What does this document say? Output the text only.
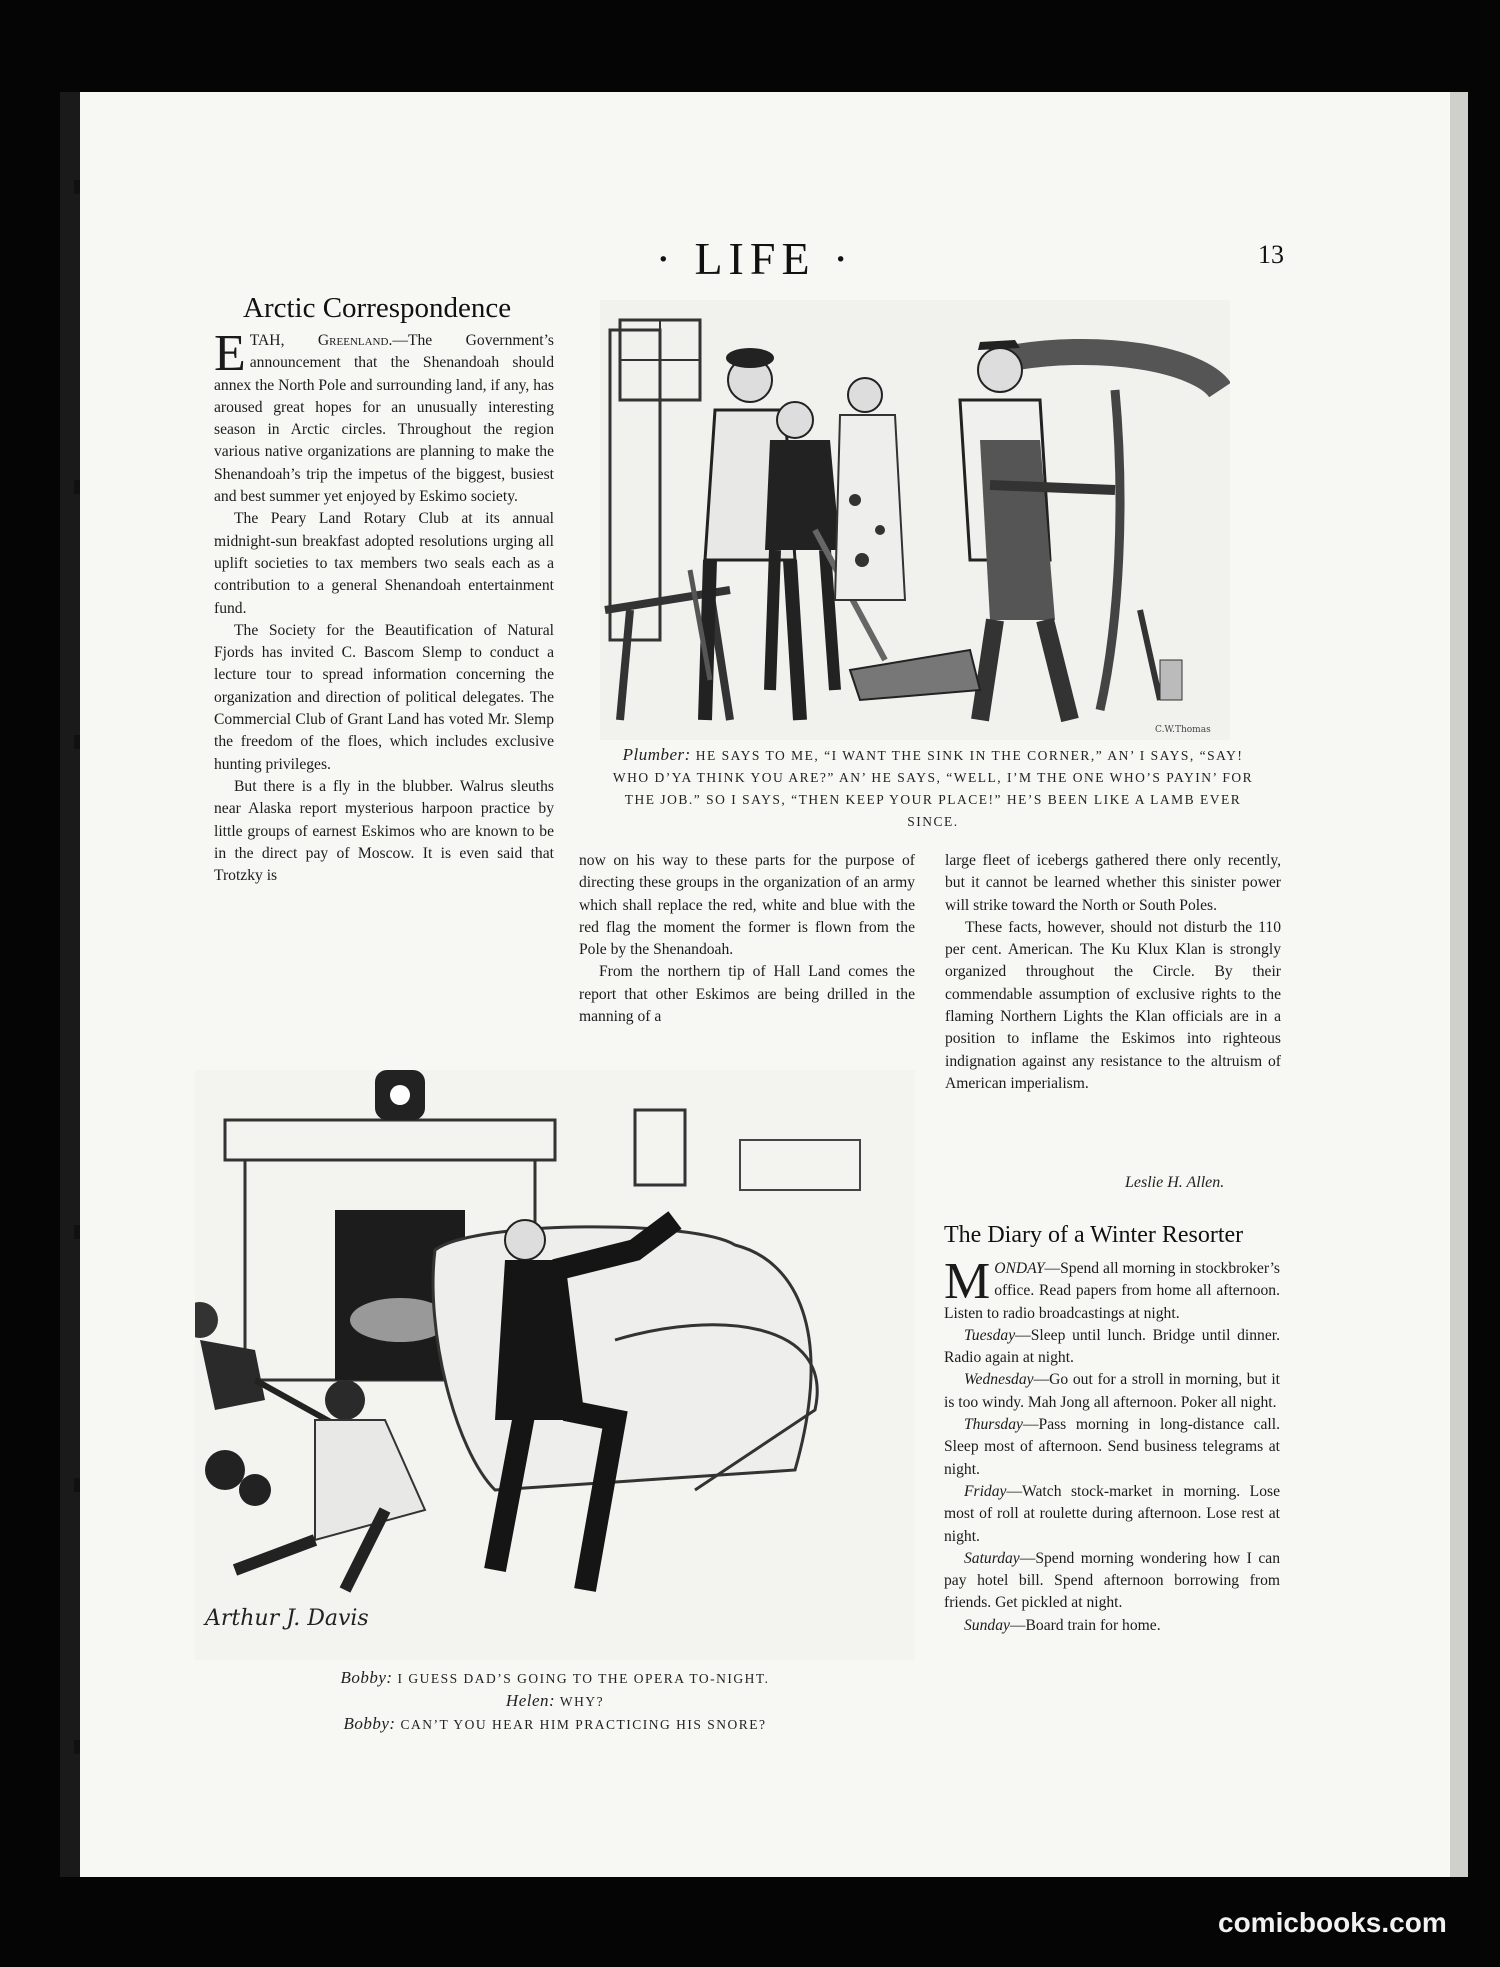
· LIFE ·	13
Arctic Correspondence

ETAH, Greenland.—The Government’s announcement that the Shenandoah should annex the North Pole and surrounding land, if any, has aroused great hopes for an unusually interesting season in Arctic circles. Throughout the region various native organizations are planning to make the Shenandoah’s trip the impetus of the biggest, busiest and best summer yet enjoyed by Eskimo society.

The Peary Land Rotary Club at its annual midnight-sun breakfast adopted resolutions urging all uplift societies to tax members two seals each as a contribution to a general Shenandoah entertainment fund.

The Society for the Beautification of Natural Fjords has invited C. Bascom Slemp to conduct a lecture tour to spread information concerning the organization and direction of political delegates. The Commercial Club of Grant Land has voted Mr. Slemp the freedom of the floes, which includes exclusive hunting privileges.

But there is a fly in the blubber. Walrus sleuths near Alaska report mysterious harpoon practice by little groups of earnest Eskimos who are known to be in the direct pay of Moscow. It is even said that Trotzky is

now on his way to these parts for the purpose of directing these groups in the organization of an army which shall replace the red, white and blue with the red flag the moment the former is flown from the Pole by the Shenandoah.

From the northern tip of Hall Land comes the report that other Eskimos are being drilled in the manning of a

large fleet of icebergs gathered there only recently, but it cannot be learned whether this sinister power will strike toward the North or South Poles.

These facts, however, should not disturb the 110 per cent. American. The Ku Klux Klan is strongly organized throughout the Circle. By their commendable assumption of exclusive rights to the flaming Northern Lights the Klan officials are in a position to inflame the Eskimos into righteous indignation against any resistance to the altruism of American imperialism.

Leslie H. Allen.
C.W.Thomas
Plumber: HE SAYS TO ME, “I WANT THE SINK IN THE CORNER,” AN’ I SAYS, “SAY! WHO D’YA THINK YOU ARE?” AN’ HE SAYS, “WELL, I’M THE ONE WHO’S PAYIN’ FOR THE JOB.” SO I SAYS, “THEN KEEP YOUR PLACE!” HE’S BEEN LIKE A LAMB EVER SINCE.
Arthur J. Davis
Bobby: I GUESS DAD’S GOING TO THE OPERA TO-NIGHT.
Helen: WHY?
Bobby: CAN’T YOU HEAR HIM PRACTICING HIS SNORE?
The Diary of a Winter Resorter

MONDAY—Spend all morning in stockbroker’s office. Read papers from home all afternoon. Listen to radio broadcastings at night.

Tuesday—Sleep until lunch. Bridge until dinner. Radio again at night.

Wednesday—Go out for a stroll in morning, but it is too windy. Mah Jong all afternoon. Poker all night.

Thursday—Pass morning in long-distance call. Sleep most of afternoon. Send business telegrams at night.

Friday—Watch stock-market in morning. Lose most of roll at roulette during afternoon. Lose rest at night.

Saturday—Spend morning wondering how I can pay hotel bill. Spend afternoon borrowing from friends. Get pickled at night.

Sunday—Board train for home.

comicbooks.com
